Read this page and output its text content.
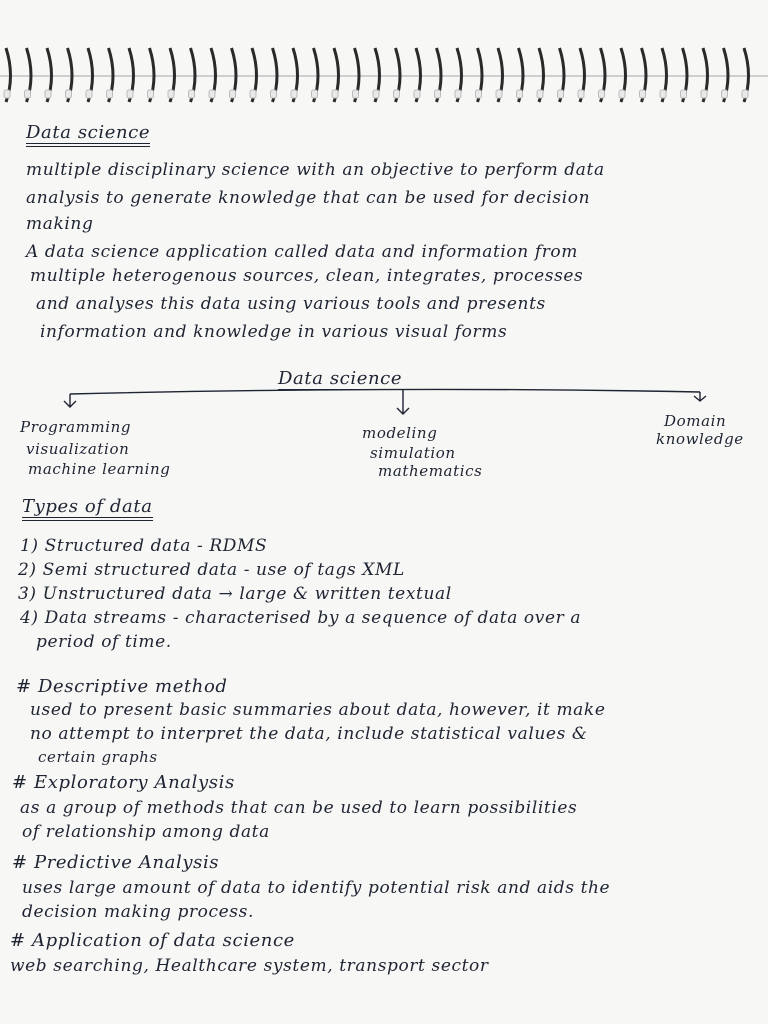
Data science
multiple disciplinary science with an objective to perform data
analysis to generate knowledge that can be used for decision
making
A data science application called data and information from
multiple heterogenous sources, clean, integrates, processes
and analyses this data using various tools and presents
information and knowledge in various visual forms
Data science
Programming
visualization
machine learning
modeling
simulation
mathematics
Domain
knowledge
Types of data
1) Structured data - RDMS
2) Semi structured data - use of tags XML
3) Unstructured data → large & written textual
4) Data streams - characterised by a sequence of data over a
period of time.
# Descriptive method
used to present basic summaries about data, however, it make
no attempt to interpret the data, include statistical values &
certain graphs
# Exploratory Analysis
as a group of methods that can be used to learn possibilities
of relationship among data
# Predictive Analysis
uses large amount of data to identify potential risk and aids the
decision making process.
# Application of data science
web searching, Healthcare system, transport sector
